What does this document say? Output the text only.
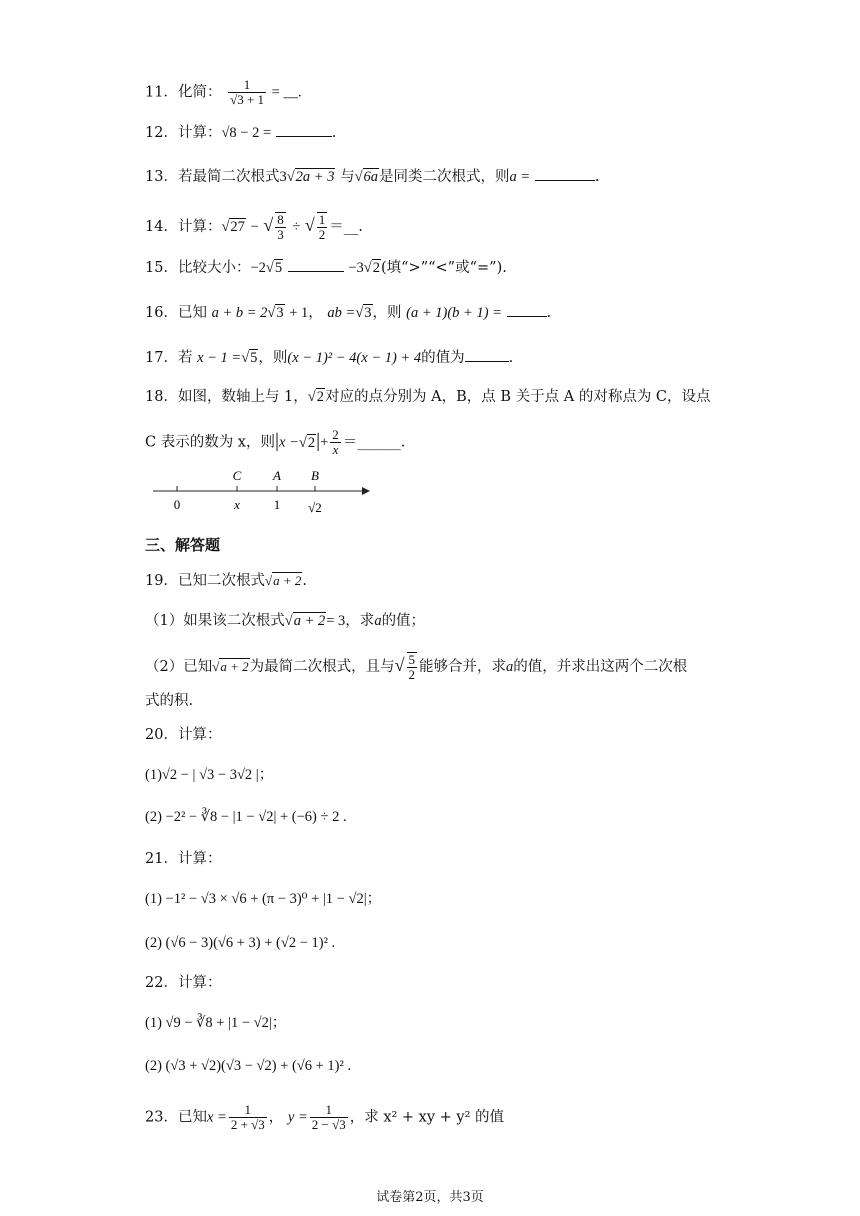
11．化简： $\frac{1}{√3 + 1}$ = __.
12．计算：√8 − 2 =	.
13．若最简二次根式3√2a + 3 与√6a是同类二次根式，则a =	.
14．计算：√27 − √ $\frac{8}{3}$ ÷ √ $\frac{1}{2}$ ＝__.
15．比较大小：−2√5	−3√2(填“>”“<”或“=”).
16．已知 a + b = 2√3 + 1， ab =√3，则 (a + 1)(b + 1) =	.
17．若 x − 1 =√5，则(x − 1)² − 4(x − 1) + 4的值为	.
18．如图，数轴上与 1，√2对应的点分别为 A，B，点 B 关于点 A 的对称点为 C，设点
C 表示的数为 x，则$|x -√2|+ \frac{2}{x}$ ＝______.
C A B
0	x	1 √2
三、解答题
19．已知二次根式√a + 2.
（1）如果该二次根式√a + 2= 3，求a的值；
（2）已知√a + 2为最简二次根式，且与√ $\frac{5}{2}$ 能够合并，求a的值，并求出这两个二次根
式的积.
20．计算：
(1)√2 − | √3 − 3√2 |；
(2) −2² − ∛8 − |1 − √2| + (−6) ÷ 2 .
21．计算：
(1) −1² − √3 × √6 + (π − 3)⁰ + |1 − √2|；
(2) (√6 − 3)(√6 + 3) + (√2 − 1)² .
22．计算：
(1) √9 − ∛8 + |1 − √2|；
(2) (√3 + √2)(√3 − √2) + (√6 + 1)² .
23．已知$x = \frac{1}{2 + √3}$ ， $y = \frac{1}{2 - √3}$ ，求 x² + xy + y² 的值
试卷第2页，共3页
